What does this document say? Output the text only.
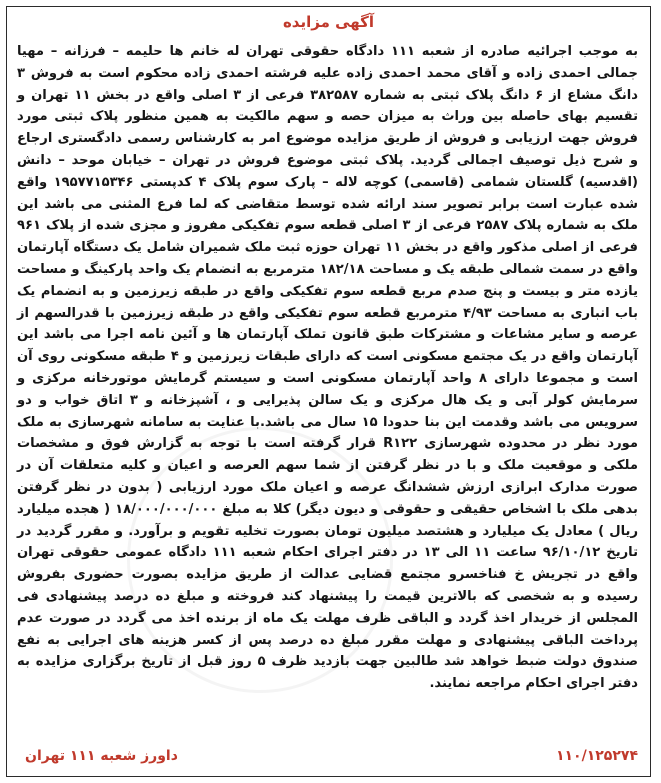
آگهی مزایده
به موجب اجرائیه صادره از شعبه ۱۱۱ دادگاه حقوقی تهران له خانم ها حلیمه – فرزانه – مهیا جمالی احمدی زاده و آقای محمد احمدی زاده علیه فرشته احمدی زاده محکوم است به فروش ۳ دانگ مشاع از ۶ دانگ پلاک ثبتی به شماره ۳۸۲۵۸۷ فرعی از ۳ اصلی واقع در بخش ۱۱ تهران و تقسیم بهای حاصله بین وراث به میزان حصه و سهم مالکیت به همین منظور پلاک ثبتی مورد فروش جهت ارزیابی و فروش از طریق مزایده موضوع امر به کارشناس رسمی دادگستری ارجاع و شرح ذیل توصیف اجمالی گردید. پلاک ثبتی موضوع فروش در تهران – خیابان موحد – دانش (اقدسیه) گلستان شمامی (قاسمی) کوچه لاله – پارک سوم پلاک ۴ کدپستی ۱۹۵۷۷۱۵۳۴۶ واقع شده عبارت است برابر تصویر سند ارائه شده توسط متقاضی که لما فرع المثنی می باشد این ملک به شماره پلاک ۲۵۸۷ فرعی از ۳ اصلی قطعه سوم تفکیکی مفروز و مجزی شده از پلاک ۹۶۱ فرعی از اصلی مذکور واقع در بخش ۱۱ تهران حوزه ثبت ملک شمیران شامل یک دستگاه آپارتمان واقع در سمت شمالی طبقه یک و مساحت ۱۸۲/۱۸ مترمربع به انضمام یک واحد پارکینگ و مساحت یازده متر و بیست و پنج صدم مربع قطعه سوم تفکیکی واقع در طبقه زیرزمین و به انضمام یک باب انباری به مساحت ۴/۹۳ مترمربع قطعه سوم تفکیکی واقع در طبقه زیرزمین با قدرالسهم از عرصه و سایر مشاعات و مشترکات طبق قانون تملک آپارتمان ها و آئین نامه اجرا می باشد این آپارتمان واقع در یک مجتمع مسکونی است که دارای طبقات زیرزمین و ۴ طبقه مسکونی روی آن است و مجموعا دارای ۸ واحد آپارتمان مسکونی است و سیستم گرمایش موتورخانه مرکزی و سرمایش کولر آبی و یک هال مرکزی و یک سالن پذیرایی و ، آشپزخانه و ۳ اتاق خواب و دو سرویس می باشد وقدمت این بنا حدودا ۱۵ سال می باشد.با عنایت به سامانه شهرسازی به ملک مورد نظر در محدوده شهرسازی R۱۲۲ قرار گرفته است با توجه به گزارش فوق و مشخصات ملکی و موقعیت ملک و با در نظر گرفتن از شما سهم العرصه و اعیان و کلیه متعلقات آن در صورت مدارک ابرازی ارزش ششدانگ عرصه و اعیان ملک مورد ارزیابی ( بدون در نظر گرفتن بدهی ملک با اشخاص حقیقی و حقوقی و دیون دیگر) کلا به مبلغ ۱۸/۰۰۰/۰۰۰/۰۰۰ ( هجده میلیارد ریال ) معادل یک میلیارد و هشتصد میلیون تومان بصورت تخلیه تقویم و برآورد. و مقرر گردید در تاریخ ۹۶/۱۰/۱۲ ساعت ۱۱ الی ۱۳ در دفتر اجرای احکام شعبه ۱۱۱ دادگاه عمومی حقوقی تهران واقع در تجریش خ فناخسرو مجتمع قضایی عدالت از طریق مزایده بصورت حضوری بفروش رسیده و به شخصی که بالاترین قیمت را پیشنهاد کند فروخته و مبلغ ده درصد پیشنهادی فی المجلس از خریدار اخذ گردد و الباقی ظرف مهلت یک ماه از برنده اخذ می گردد در صورت عدم پرداخت الباقی پیشنهادی و مهلت مقرر مبلغ ده درصد پس از کسر هزینه های اجرایی به نفع صندوق دولت ضبط خواهد شد طالبین جهت بازدید ظرف ۵ روز قبل از تاریخ برگزاری مزایده به دفتر اجرای احکام مراجعه نمایند.
۱۱۰/۱۲۵۲۷۴
داورز شعبه ۱۱۱ تهران
